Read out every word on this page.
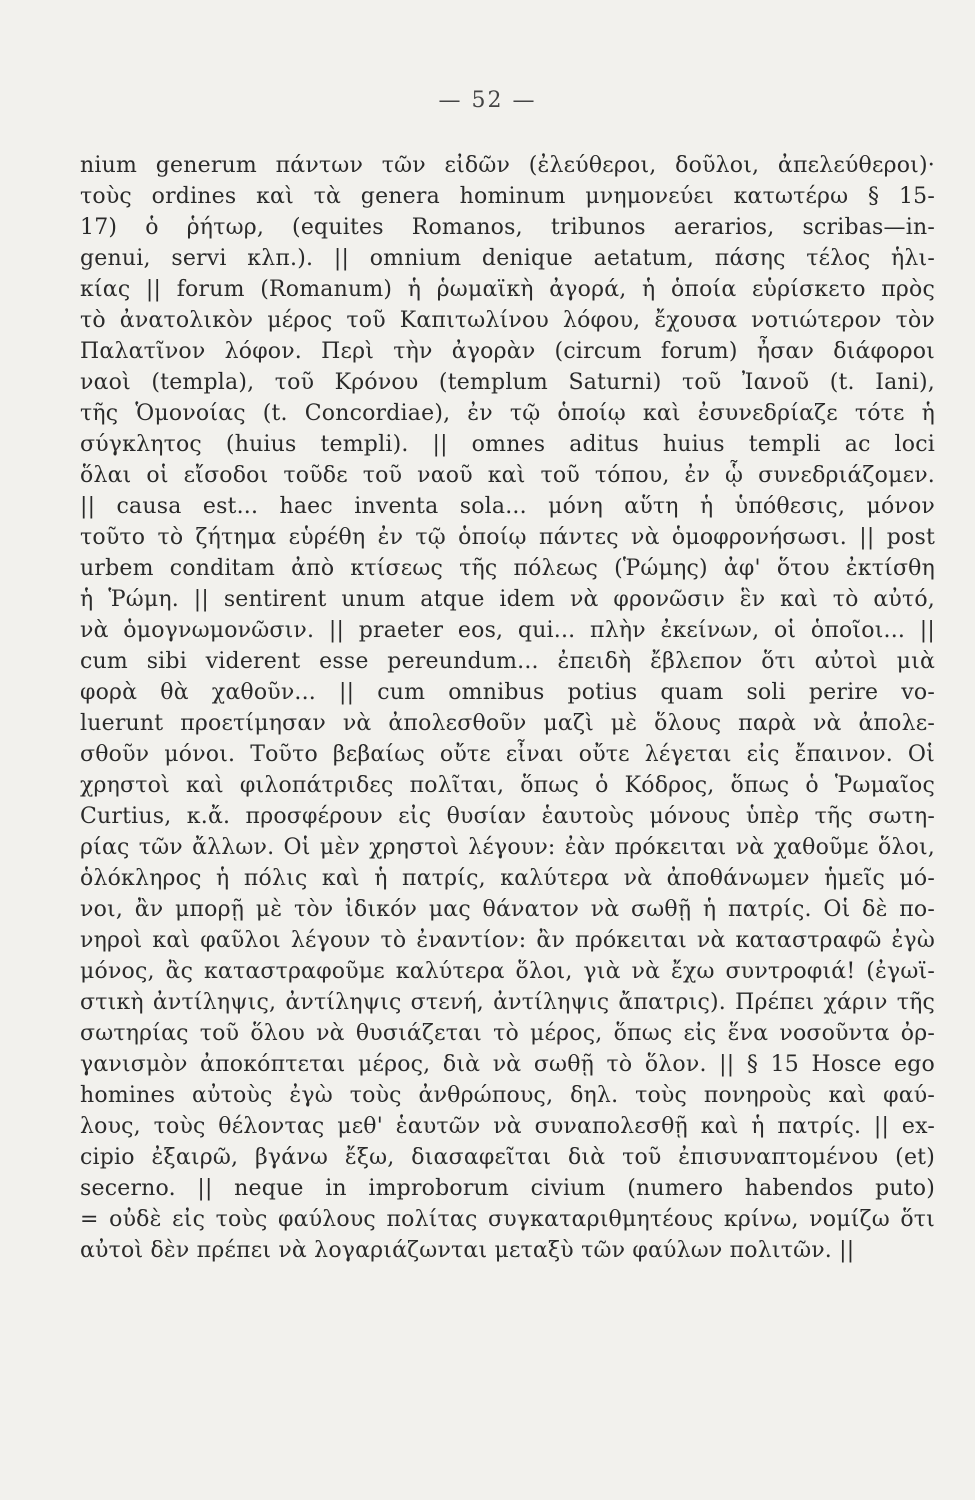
— 52 —
nium generum πάντων τῶν εἰδῶν (ἐλεύθεροι, δοῦλοι, ἀπελεύθεροι)·
τοὺς ordines καὶ τὰ genera hominum μνημονεύει κατωτέρω § 15-
17) ὁ ῥήτωρ, (equites Romanos, tribunos aerarios, scribas—in-
genui, servi κλπ.). || omnium denique aetatum, πάσης τέλος ἡλι-
κίας || forum (Romanum) ἡ ῥωμαϊκὴ ἀγορά, ἡ ὁποία εὑρίσκετο πρὸς
τὸ ἀνατολικὸν μέρος τοῦ Καπιτωλίνου λόφου, ἔχουσα νοτιώτερον τὸν
Παλατῖνον λόφον. Περὶ τὴν ἀγορὰν (circum forum) ἦσαν διάφοροι
ναοὶ (templa), τοῦ Κρόνου (templum Saturni) τοῦ Ἰανοῦ (t. Iani),
τῆς Ὁμονοίας (t. Concordiae), ἐν τῷ ὁποίῳ καὶ ἐσυνεδρίαζε τότε ἡ
σύγκλητος (huius templi). || omnes aditus huius templi ac loci
ὅλαι οἱ εἴσοδοι τοῦδε τοῦ ναοῦ καὶ τοῦ τόπου, ἐν ᾧ συνεδριάζομεν.
|| causa est... haec inventa sola... μόνη αὕτη ἡ ὑπόθεσις, μόνον
τοῦτο τὸ ζήτημα εὑρέθη ἐν τῷ ὁποίῳ πάντες νὰ ὁμοφρονήσωσι. || post
urbem conditam ἀπὸ κτίσεως τῆς πόλεως (Ῥώμης) ἀφ' ὅτου ἐκτίσθη
ἡ Ῥώμη. || sentirent unum atque idem νὰ φρονῶσιν ἓν καὶ τὸ αὐτό,
νὰ ὁμογνωμονῶσιν. || praeter eos, qui... πλὴν ἐκείνων, οἱ ὁποῖοι... ||
cum sibi viderent esse pereundum... ἐπειδὴ ἔβλεπον ὅτι αὐτοὶ μιὰ
φορὰ θὰ χαθοῦν... || cum omnibus potius quam soli perire vo-
luerunt προετίμησαν νὰ ἀπολεσθοῦν μαζὶ μὲ ὅλους παρὰ νὰ ἀπολε-
σθοῦν μόνοι. Τοῦτο βεβαίως οὔτε εἶναι οὔτε λέγεται εἰς ἔπαινον. Οἱ
χρηστοὶ καὶ φιλοπάτριδες πολῖται, ὅπως ὁ Κόδρος, ὅπως ὁ Ῥωμαῖος
Curtius, κ.ἄ. προσφέρουν εἰς θυσίαν ἑαυτοὺς μόνους ὑπὲρ τῆς σωτη-
ρίας τῶν ἄλλων. Οἱ μὲν χρηστοὶ λέγουν: ἐὰν πρόκειται νὰ χαθοῦμε ὅλοι,
ὁλόκληρος ἡ πόλις καὶ ἡ πατρίς, καλύτερα νὰ ἀποθάνωμεν ἡμεῖς μό-
νοι, ἂν μπορῇ μὲ τὸν ἰδικόν μας θάνατον νὰ σωθῇ ἡ πατρίς. Οἱ δὲ πο-
νηροὶ καὶ φαῦλοι λέγουν τὸ ἐναντίον: ἂν πρόκειται νὰ καταστραφῶ ἐγὼ
μόνος, ἂς καταστραφοῦμε καλύτερα ὅλοι, γιὰ νὰ ἔχω συντροφιά! (ἐγωϊ-
στικὴ ἀντίληψις, ἀντίληψις στενή, ἀντίληψις ἄπατρις). Πρέπει χάριν τῆς
σωτηρίας τοῦ ὅλου νὰ θυσιάζεται τὸ μέρος, ὅπως εἰς ἕνα νοσοῦντα ὀρ-
γανισμὸν ἀποκόπτεται μέρος, διὰ νὰ σωθῇ τὸ ὅλον. || § 15 Hosce ego
homines αὐτοὺς ἐγὼ τοὺς ἀνθρώπους, δηλ. τοὺς πονηροὺς καὶ φαύ-
λους, τοὺς θέλοντας μεθ' ἑαυτῶν νὰ συναπολεσθῇ καὶ ἡ πατρίς. || ex-
cipio ἐξαιρῶ, βγάνω ἔξω, διασαφεῖται διὰ τοῦ ἐπισυναπτομένου (et)
secerno. || neque in improborum civium (numero habendos puto)
= οὐδὲ εἰς τοὺς φαύλους πολίτας συγκαταριθμητέους κρίνω, νομίζω ὅτι
αὐτοὶ δὲν πρέπει νὰ λογαριάζωνται μεταξὺ τῶν φαύλων πολιτῶν. ||
